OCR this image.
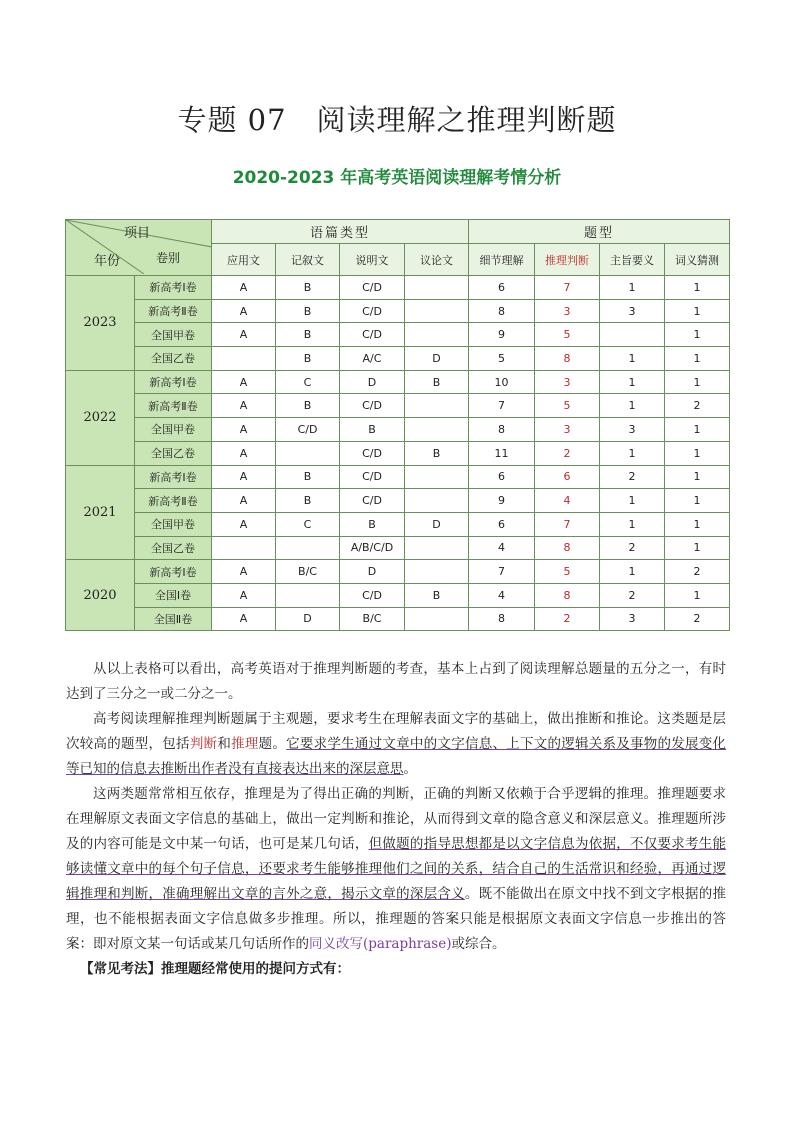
专题 07　阅读理解之推理判断题
2020-2023 年高考英语阅读理解考情分析
项目
卷别
年份		语篇类型				题型			
		应用文	记叙文	说明文	议论文	细节理解	推理判断	主旨要义	词义猜测
2023	新高考Ⅰ卷	A	B	C/D		6	7	1	1
	新高考Ⅱ卷	A	B	C/D		8	3	3	1
	全国甲卷	A	B	C/D		9	5		1
	全国乙卷		B	A/C	D	5	8	1	1
2022	新高考Ⅰ卷	A	C	D	B	10	3	1	1
	新高考Ⅱ卷	A	B	C/D		7	5	1	2
	全国甲卷	A	C/D	B		8	3	3	1
	全国乙卷	A		C/D	B	11	2	1	1
2021	新高考Ⅰ卷	A	B	C/D		6	6	2	1
	新高考Ⅱ卷	A	B	C/D		9	4	1	1
	全国甲卷	A	C	B	D	6	7	1	1
	全国乙卷			A/B/C/D		4	8	2	1
2020	新高考Ⅰ卷	A	B/C	D		7	5	1	2
	全国Ⅰ卷	A		C/D	B	4	8	2	1
	全国Ⅱ卷	A	D	B/C		8	2	3	2

从以上表格可以看出，高考英语对于推理判断题的考查，基本上占到了阅读理解总题量的五分之一，有时达到了三分之一或二分之一。

高考阅读理解推理判断题属于主观题，要求考生在理解表面文字的基础上，做出推断和推论。这类题是层次较高的题型，包括判断和推理题。它要求学生通过文章中的文字信息、上下文的逻辑关系及事物的发展变化等已知的信息去推断出作者没有直接表达出来的深层意思。

这两类题常常相互依存，推理是为了得出正确的判断，正确的判断又依赖于合乎逻辑的推理。推理题要求在理解原文表面文字信息的基础上，做出一定判断和推论，从而得到文章的隐含意义和深层意义。推理题所涉及的内容可能是文中某一句话，也可是某几句话，但做题的指导思想都是以文字信息为依据，不仅要求考生能够读懂文章中的每个句子信息，还要求考生能够推理他们之间的关系，结合自己的生活常识和经验，再通过逻辑推理和判断，准确理解出文章的言外之意，揭示文章的深层含义。既不能做出在原文中找不到文字根据的推理，也不能根据表面文字信息做多步推理。所以，推理题的答案只能是根据原文表面文字信息一步推出的答案：即对原文某一句话或某几句话所作的同义改写(paraphrase)或综合。

【常见考法】推理题经常使用的提问方式有：
